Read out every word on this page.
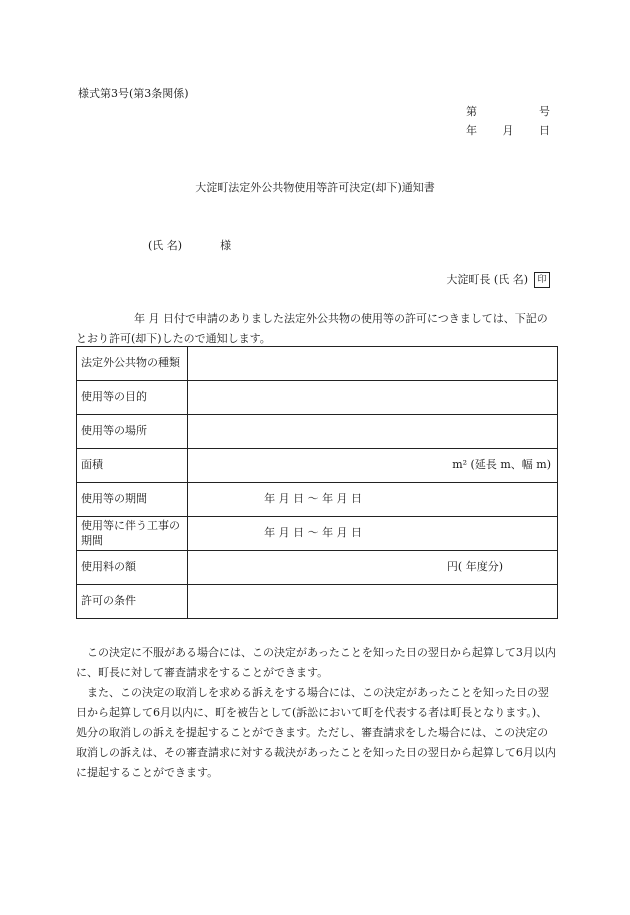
様式第3号(第3条関係)
第	号
年 月 日
大淀町法定外公共物使用等許可決定(却下)通知書
(氏 名)	様
大淀町長 (氏 名)	印
年 月 日付で申請のありました法定外公共物の使用等の許可につきましては、下記のとおり許可(却下)したので通知します。
法定外公共物の種類	
使用等の目的	
使用等の場所	
面積	m² (延長 m、幅 m)

使用等の期間	年 月 日 ～ 年 月 日

使用等に伴う工事の期間	年 月 日 ～ 年 月 日

使用料の額	円( 年度分)

許可の条件	

この決定に不服がある場合には、この決定があったことを知った日の翌日から起算して3月以内に、町長に対して審査請求をすることができます。

また、この決定の取消しを求める訴えをする場合には、この決定があったことを知った日の翌日から起算して6月以内に、町を被告として(訴訟において町を代表する者は町長となります。)、処分の取消しの訴えを提起することができます。ただし、審査請求をした場合には、この決定の取消しの訴えは、その審査請求に対する裁決があったことを知った日の翌日から起算して6月以内に提起することができます。
